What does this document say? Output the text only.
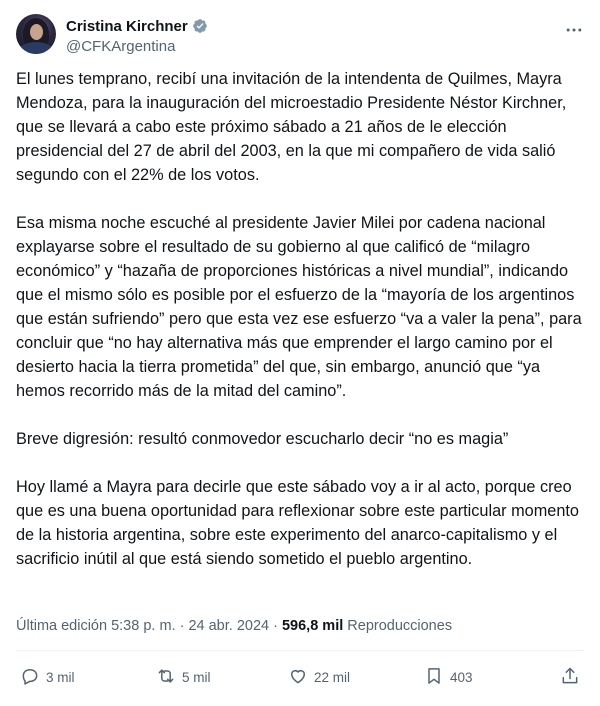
Cristina Kirchner
@CFKArgentina

El lunes temprano, recibí una invitación de la intendenta de Quilmes, Mayra Mendoza, para la inauguración del microestadio Presidente Néstor Kirchner, que se llevará a cabo este próximo sábado a 21 años de le elección presidencial del 27 de abril del 2003, en la que mi compañero de vida salió segundo con el 22% de los votos.

Esa misma noche escuché al presidente Javier Milei por cadena nacional explayarse sobre el resultado de su gobierno al que calificó de “milagro económico” y “hazaña de proporciones históricas a nivel mundial”, indicando que el mismo sólo es posible por el esfuerzo de la “mayoría de los argentinos que están sufriendo” pero que esta vez ese esfuerzo “va a valer la pena”, para concluir que “no hay alternativa más que emprender el largo camino por el desierto hacia la tierra prometida” del que, sin embargo, anunció que “ya hemos recorrido más de la mitad del camino”.

Breve digresión: resultó conmovedor escucharlo decir “no es magia”

Hoy llamé a Mayra para decirle que este sábado voy a ir al acto, porque creo que es una buena oportunidad para reflexionar sobre este particular momento de la historia argentina, sobre este experimento del anarco-capitalismo y el sacrificio inútil al que está siendo sometido el pueblo argentino.

Última edición 5:38 p. m. · 24 abr. 2024 · 596,8 mil Reproducciones
3 mil	5 mil	22 mil	403
